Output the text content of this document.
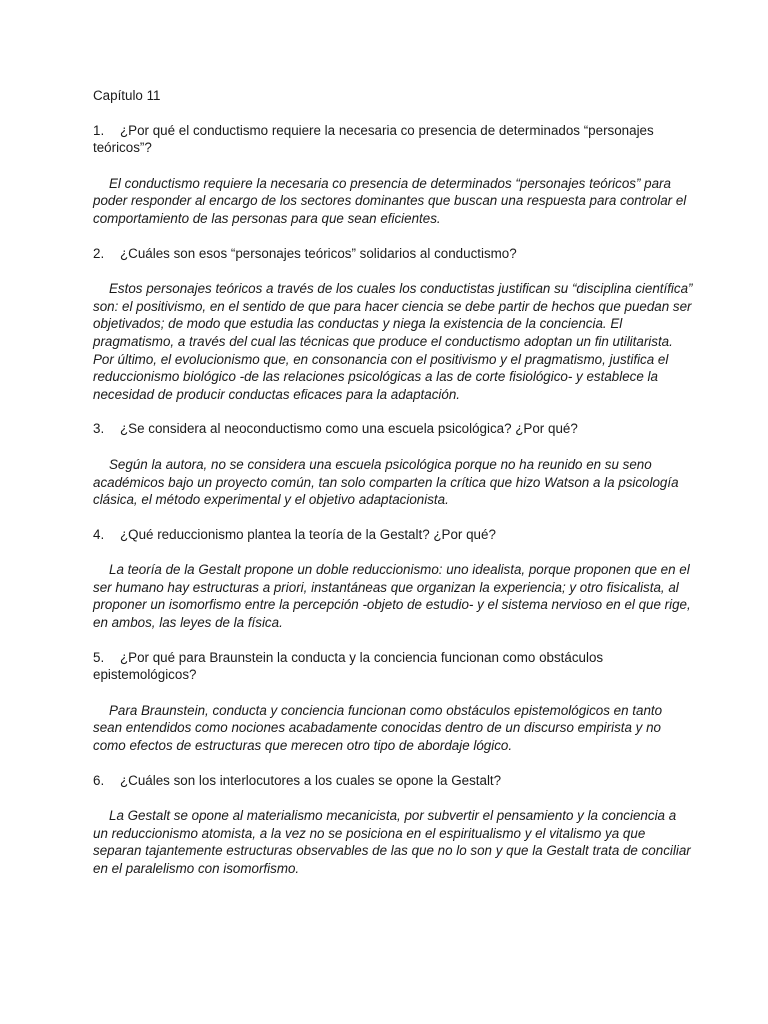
Capítulo 11

1. ¿Por qué el conductismo requiere la necesaria co presencia de determinados “personajes teóricos”?

El conductismo requiere la necesaria co presencia de determinados “personajes teóricos” para poder responder al encargo de los sectores dominantes que buscan una respuesta para controlar el comportamiento de las personas para que sean eficientes.

2. ¿Cuáles son esos “personajes teóricos” solidarios al conductismo?

Estos personajes teóricos a través de los cuales los conductistas justifican su “disciplina científica” son: el positivismo, en el sentido de que para hacer ciencia se debe partir de hechos que puedan ser objetivados; de modo que estudia las conductas y niega la existencia de la conciencia. El pragmatismo, a través del cual las técnicas que produce el conductismo adoptan un fin utilitarista. Por último, el evolucionismo que, en consonancia con el positivismo y el pragmatismo, justifica el reduccionismo biológico -de las relaciones psicológicas a las de corte fisiológico- y establece la necesidad de producir conductas eficaces para la adaptación.

3. ¿Se considera al neoconductismo como una escuela psicológica? ¿Por qué?

Según la autora, no se considera una escuela psicológica porque no ha reunido en su seno académicos bajo un proyecto común, tan solo comparten la crítica que hizo Watson a la psicología clásica, el método experimental y el objetivo adaptacionista.

4. ¿Qué reduccionismo plantea la teoría de la Gestalt? ¿Por qué?

La teoría de la Gestalt propone un doble reduccionismo: uno idealista, porque proponen que en el ser humano hay estructuras a priori, instantáneas que organizan la experiencia; y otro fisicalista, al proponer un isomorfismo entre la percepción -objeto de estudio- y el sistema nervioso en el que rige, en ambos, las leyes de la física.

5. ¿Por qué para Braunstein la conducta y la conciencia funcionan como obstáculos epistemológicos?

Para Braunstein, conducta y conciencia funcionan como obstáculos epistemológicos en tanto sean entendidos como nociones acabadamente conocidas dentro de un discurso empirista y no como efectos de estructuras que merecen otro tipo de abordaje lógico.

6. ¿Cuáles son los interlocutores a los cuales se opone la Gestalt?

La Gestalt se opone al materialismo mecanicista, por subvertir el pensamiento y la conciencia a un reduccionismo atomista, a la vez no se posiciona en el espiritualismo y el vitalismo ya que separan tajantemente estructuras observables de las que no lo son y que la Gestalt trata de conciliar en el paralelismo con isomorfismo.
